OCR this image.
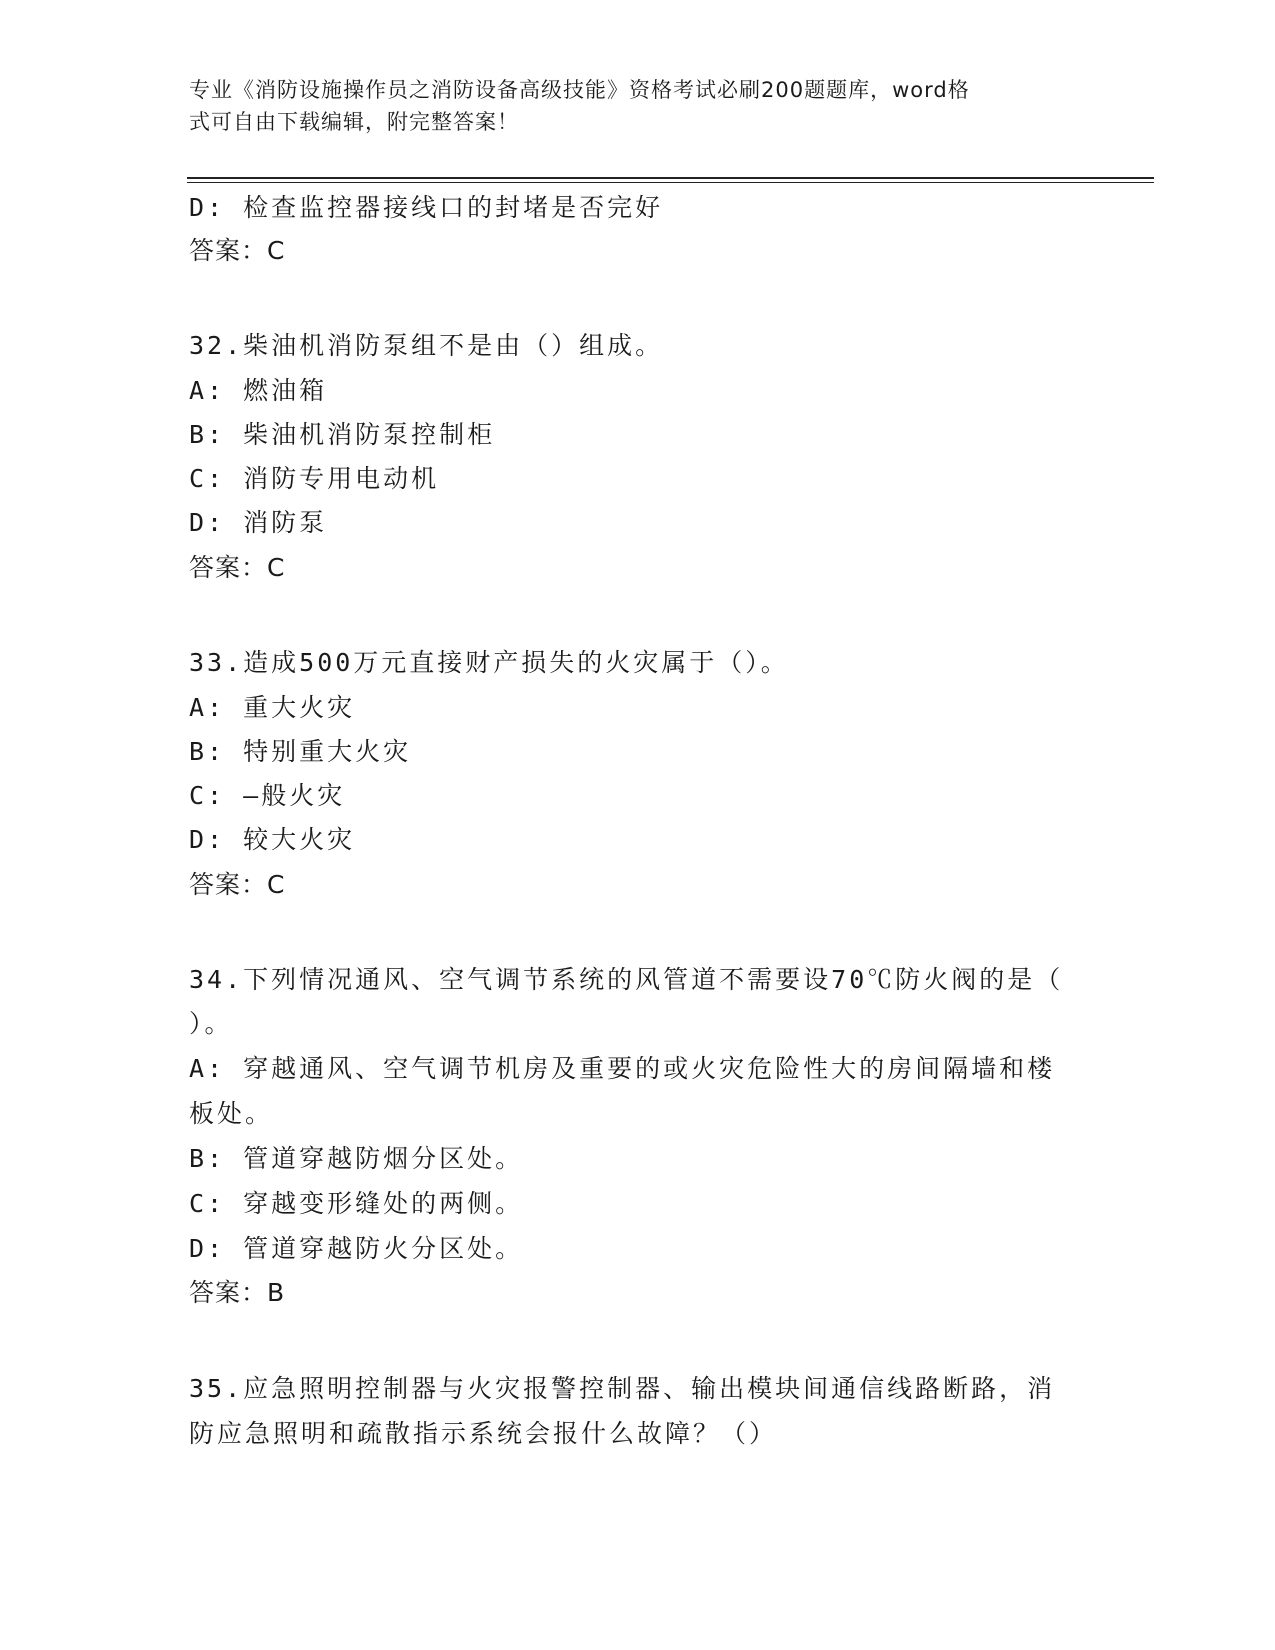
专业《消防设施操作员之消防设备高级技能》资格考试必刷200题题库，word格
式可自由下载编辑，附完整答案！

D: 检查监控器接线口的封堵是否完好

答案：C

32.柴油机消防泵组不是由（）组成。

A: 燃油箱

B: 柴油机消防泵控制柜

C: 消防专用电动机

D: 消防泵

答案：C

33.造成500万元直接财产损失的火灾属于（）。

A: 重大火灾

B: 特别重大火灾

C: —般火灾

D: 较大火灾

答案：C

34.下列情况通风、空气调节系统的风管道不需要设70℃防火阀的是（

）。

A: 穿越通风、空气调节机房及重要的或火灾危险性大的房间隔墙和楼

板处。

B: 管道穿越防烟分区处。

C: 穿越变形缝处的两侧。

D: 管道穿越防火分区处。

答案：B

35.应急照明控制器与火灾报警控制器、输出模块间通信线路断路，消

防应急照明和疏散指示系统会报什么故障？（）
